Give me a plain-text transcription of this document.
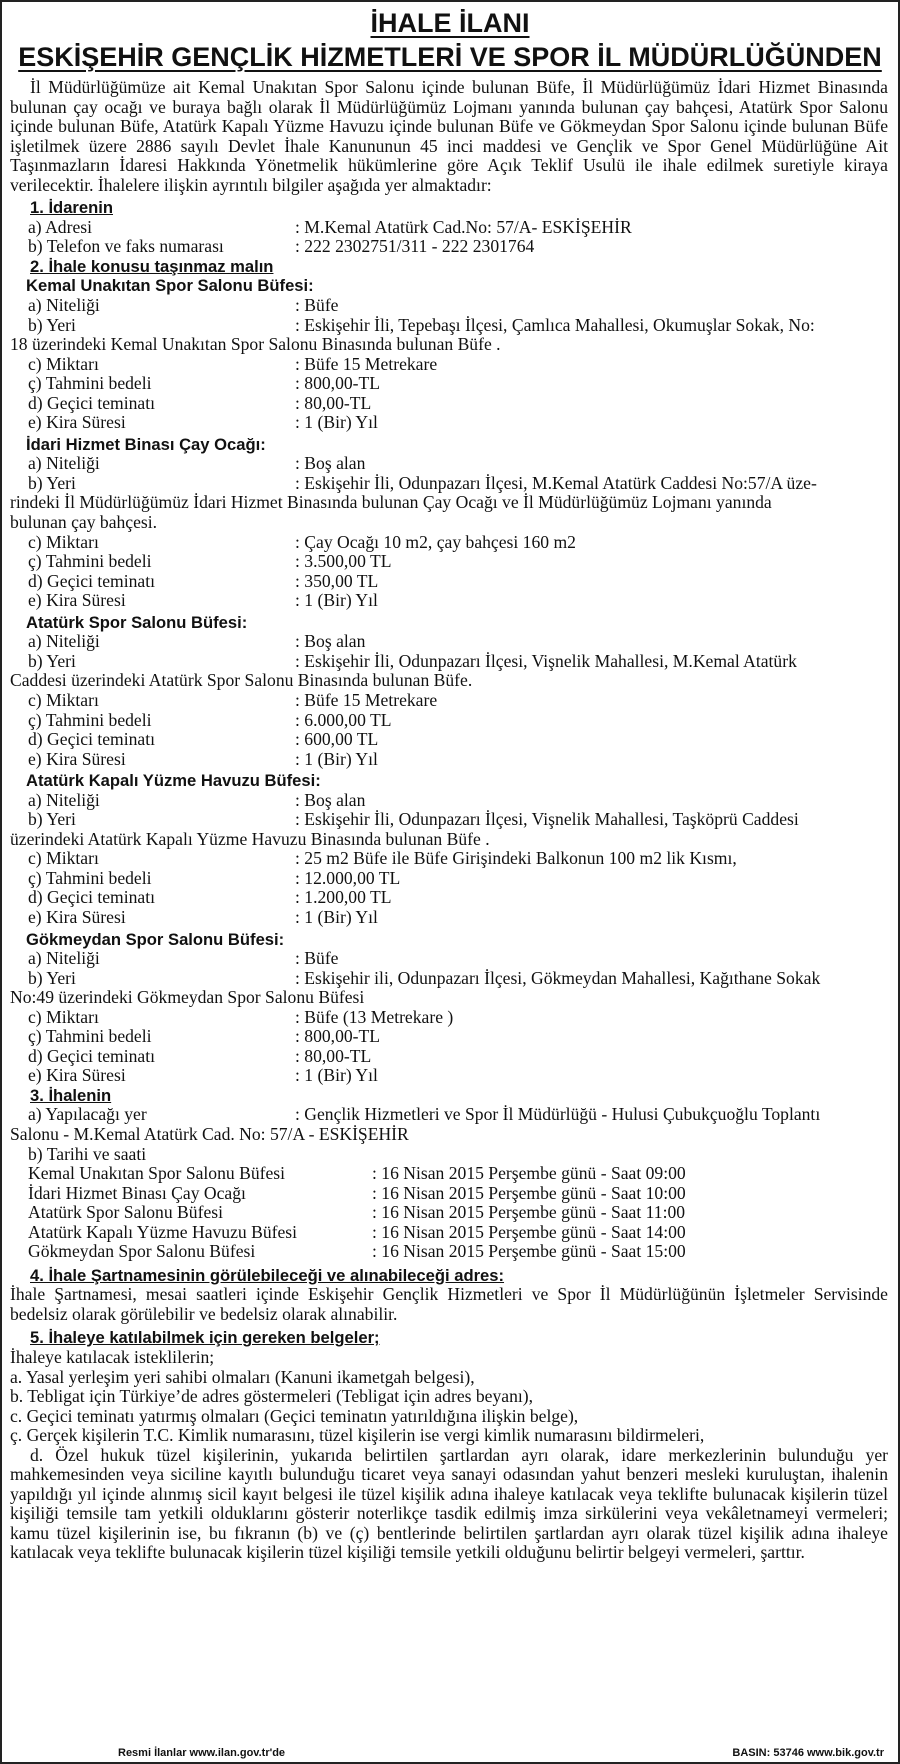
İHALE İLANI
ESKİŞEHİR GENÇLİK HİZMETLERİ VE SPOR İL MÜDÜRLÜĞÜNDEN

İl Müdürlüğümüze ait Kemal Unakıtan Spor Salonu içinde bulunan Büfe, İl Müdürlüğümüz İdari Hizmet Binasında bulunan çay ocağı ve buraya bağlı olarak İl Müdürlüğümüz Lojmanı yanında bulunan çay bahçesi, Atatürk Spor Salonu içinde bulunan Büfe, Atatürk Kapalı Yüzme Havuzu içinde bulunan Büfe ve Gökmeydan Spor Salonu içinde bulunan Büfe işletilmek üzere 2886 sayılı Devlet İhale Kanununun 45 inci maddesi ve Gençlik ve Spor Genel Müdürlüğüne Ait Taşınmazların İdaresi Hakkında Yönetmelik hükümlerine göre Açık Teklif Usulü ile ihale edilmek suretiyle kiraya verilecektir. İhalelere ilişkin ayrıntılı bilgiler aşağıda yer almaktadır:

1. İdarenin
a) Adresi	: M.Kemal Atatürk Cad.No: 57/A- ESKİŞEHİR
b) Telefon ve faks numarası	: 222 2302751/311 - 222 2301764
2. İhale konusu taşınmaz malın
Kemal Unakıtan Spor Salonu Büfesi:
a) Niteliği	: Büfe
b) Yeri	: Eskişehir İli, Tepebaşı İlçesi, Çamlıca Mahallesi, Okumuşlar Sokak, No:
18 üzerindeki Kemal Unakıtan Spor Salonu Binasında bulunan Büfe .
c) Miktarı	: Büfe 15 Metrekare
ç) Tahmini bedeli	: 800,00-TL
d) Geçici teminatı	: 80,00-TL
e) Kira Süresi	: 1 (Bir) Yıl
İdari Hizmet Binası Çay Ocağı:
a) Niteliği	: Boş alan
b) Yeri	: Eskişehir İli, Odunpazarı İlçesi, M.Kemal Atatürk Caddesi No:57/A üze-
rindeki İl Müdürlüğümüz İdari Hizmet Binasında bulunan Çay Ocağı ve İl Müdürlüğümüz Lojmanı yanında
bulunan çay bahçesi.
c) Miktarı	: Çay Ocağı 10 m2, çay bahçesi 160 m2
ç) Tahmini bedeli	: 3.500,00 TL
d) Geçici teminatı	: 350,00 TL
e) Kira Süresi	: 1 (Bir) Yıl
Atatürk Spor Salonu Büfesi:
a) Niteliği	: Boş alan
b) Yeri	: Eskişehir İli, Odunpazarı İlçesi, Vişnelik Mahallesi, M.Kemal Atatürk
Caddesi üzerindeki Atatürk Spor Salonu Binasında bulunan Büfe.
c) Miktarı	: Büfe 15 Metrekare
ç) Tahmini bedeli	: 6.000,00 TL
d) Geçici teminatı	: 600,00 TL
e) Kira Süresi	: 1 (Bir) Yıl
Atatürk Kapalı Yüzme Havuzu Büfesi:
a) Niteliği	: Boş alan
b) Yeri	: Eskişehir İli, Odunpazarı İlçesi, Vişnelik Mahallesi, Taşköprü Caddesi
üzerindeki Atatürk Kapalı Yüzme Havuzu Binasında bulunan Büfe .
c) Miktarı	: 25 m2 Büfe ile Büfe Girişindeki Balkonun 100 m2 lik Kısmı,
ç) Tahmini bedeli	: 12.000,00 TL
d) Geçici teminatı	: 1.200,00 TL
e) Kira Süresi	: 1 (Bir) Yıl
Gökmeydan Spor Salonu Büfesi:
a) Niteliği	: Büfe
b) Yeri	: Eskişehir ili, Odunpazarı İlçesi, Gökmeydan Mahallesi, Kağıthane Sokak
No:49 üzerindeki Gökmeydan Spor Salonu Büfesi
c) Miktarı	: Büfe (13 Metrekare )
ç) Tahmini bedeli	: 800,00-TL
d) Geçici teminatı	: 80,00-TL
e) Kira Süresi	: 1 (Bir) Yıl
3. İhalenin
a) Yapılacağı yer	: Gençlik Hizmetleri ve Spor İl Müdürlüğü - Hulusi Çubukçuoğlu Toplantı
Salonu - M.Kemal Atatürk Cad. No: 57/A - ESKİŞEHİR
b) Tarihi ve saati
Kemal Unakıtan Spor Salonu Büfesi	: 16 Nisan 2015 Perşembe günü - Saat 09:00
İdari Hizmet Binası Çay Ocağı	: 16 Nisan 2015 Perşembe günü - Saat 10:00
Atatürk Spor Salonu Büfesi	: 16 Nisan 2015 Perşembe günü - Saat 11:00
Atatürk Kapalı Yüzme Havuzu Büfesi	: 16 Nisan 2015 Perşembe günü - Saat 14:00
Gökmeydan Spor Salonu Büfesi	: 16 Nisan 2015 Perşembe günü - Saat 15:00
4. İhale Şartnamesinin görülebileceği ve alınabileceği adres:

İhale Şartnamesi, mesai saatleri içinde Eskişehir Gençlik Hizmetleri ve Spor İl Müdürlüğünün İşletmeler Servisinde bedelsiz olarak görülebilir ve bedelsiz olarak alınabilir.

5. İhaleye katılabilmek için gereken belgeler;

İhaleye katılacak isteklilerin;

a. Yasal yerleşim yeri sahibi olmaları (Kanuni ikametgah belgesi),

b. Tebligat için Türkiye’de adres göstermeleri (Tebligat için adres beyanı),

c. Geçici teminatı yatırmış olmaları (Geçici teminatın yatırıldığına ilişkin belge),

ç. Gerçek kişilerin T.C. Kimlik numarasını, tüzel kişilerin ise vergi kimlik numarasını bildirmeleri,

d. Özel hukuk tüzel kişilerinin, yukarıda belirtilen şartlardan ayrı olarak, idare merkezlerinin bulunduğu yer mahkemesinden veya siciline kayıtlı bulunduğu ticaret veya sanayi odasından yahut benzeri mesleki kuruluştan, ihalenin yapıldığı yıl içinde alınmış sicil kayıt belgesi ile tüzel kişilik adına ihaleye katılacak veya teklifte bulunacak kişilerin tüzel kişiliği temsile tam yetkili olduklarını gösterir noterlikçe tasdik edilmiş imza sirkülerini veya vekâletnameyi vermeleri; kamu tüzel kişilerinin ise, bu fıkranın (b) ve (ç) bentlerinde belirtilen şartlardan ayrı olarak tüzel kişilik adına ihaleye katılacak veya teklifte bulunacak kişilerin tüzel kişiliği temsile yetkili olduğunu belirtir belgeyi vermeleri, şarttır.

Resmi İlanlar www.ilan.gov.tr'de	BASIN: 53746 www.bik.gov.tr
